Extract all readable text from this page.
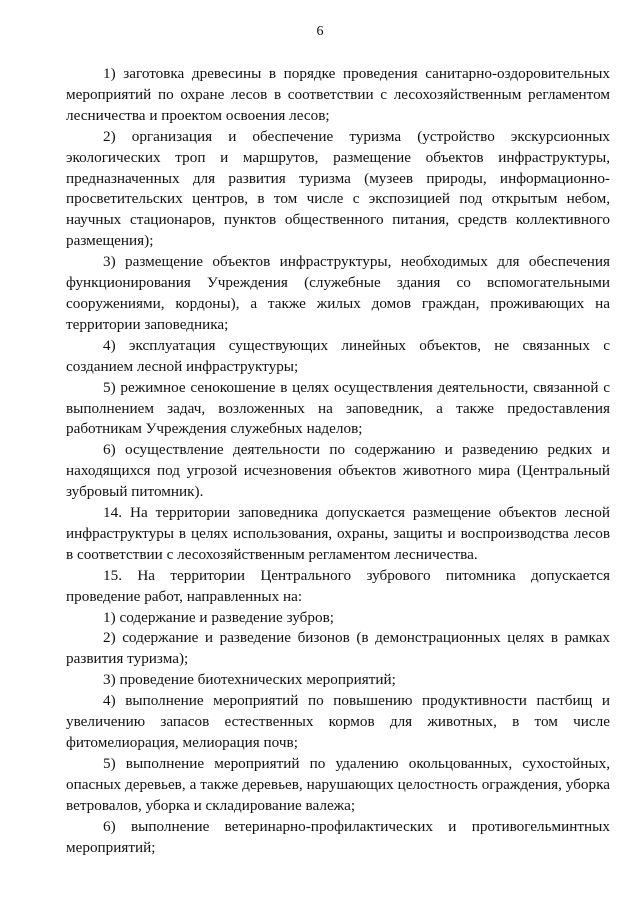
6

1) заготовка древесины в порядке проведения санитарно-оздоровительных мероприятий по охране лесов в соответствии с лесохозяйственным регламентом лесничества и проектом освоения лесов;

2) организация и обеспечение туризма (устройство экскурсионных экологических троп и маршрутов, размещение объектов инфраструктуры, предназначенных для развития туризма (музеев природы, информационно-просветительских центров, в том числе с экспозицией под открытым небом, научных стационаров, пунктов общественного питания, средств коллективного размещения);

3) размещение объектов инфраструктуры, необходимых для обеспечения функционирования Учреждения (служебные здания со вспомогательными сооружениями, кордоны), а также жилых домов граждан, проживающих на территории заповедника;

4) эксплуатация существующих линейных объектов, не связанных с созданием лесной инфраструктуры;

5) режимное сенокошение в целях осуществления деятельности, связанной с выполнением задач, возложенных на заповедник, а также предоставления работникам Учреждения служебных наделов;

6) осуществление деятельности по содержанию и разведению редких и находящихся под угрозой исчезновения объектов животного мира (Центральный зубровый питомник).

14. На территории заповедника допускается размещение объектов лесной инфраструктуры в целях использования, охраны, защиты и воспроизводства лесов в соответствии с лесохозяйственным регламентом лесничества.

15. На территории Центрального зубрового питомника допускается проведение работ, направленных на:

1) содержание и разведение зубров;

2) содержание и разведение бизонов (в демонстрационных целях в рамках развития туризма);

3) проведение биотехнических мероприятий;

4) выполнение мероприятий по повышению продуктивности пастбищ и увеличению запасов естественных кормов для животных, в том числе фитомелиорация, мелиорация почв;

5) выполнение мероприятий по удалению окольцованных, сухостойных, опасных деревьев, а также деревьев, нарушающих целостность ограждения, уборка ветровалов, уборка и складирование валежа;

6) выполнение ветеринарно-профилактических и противогельминтных мероприятий;
